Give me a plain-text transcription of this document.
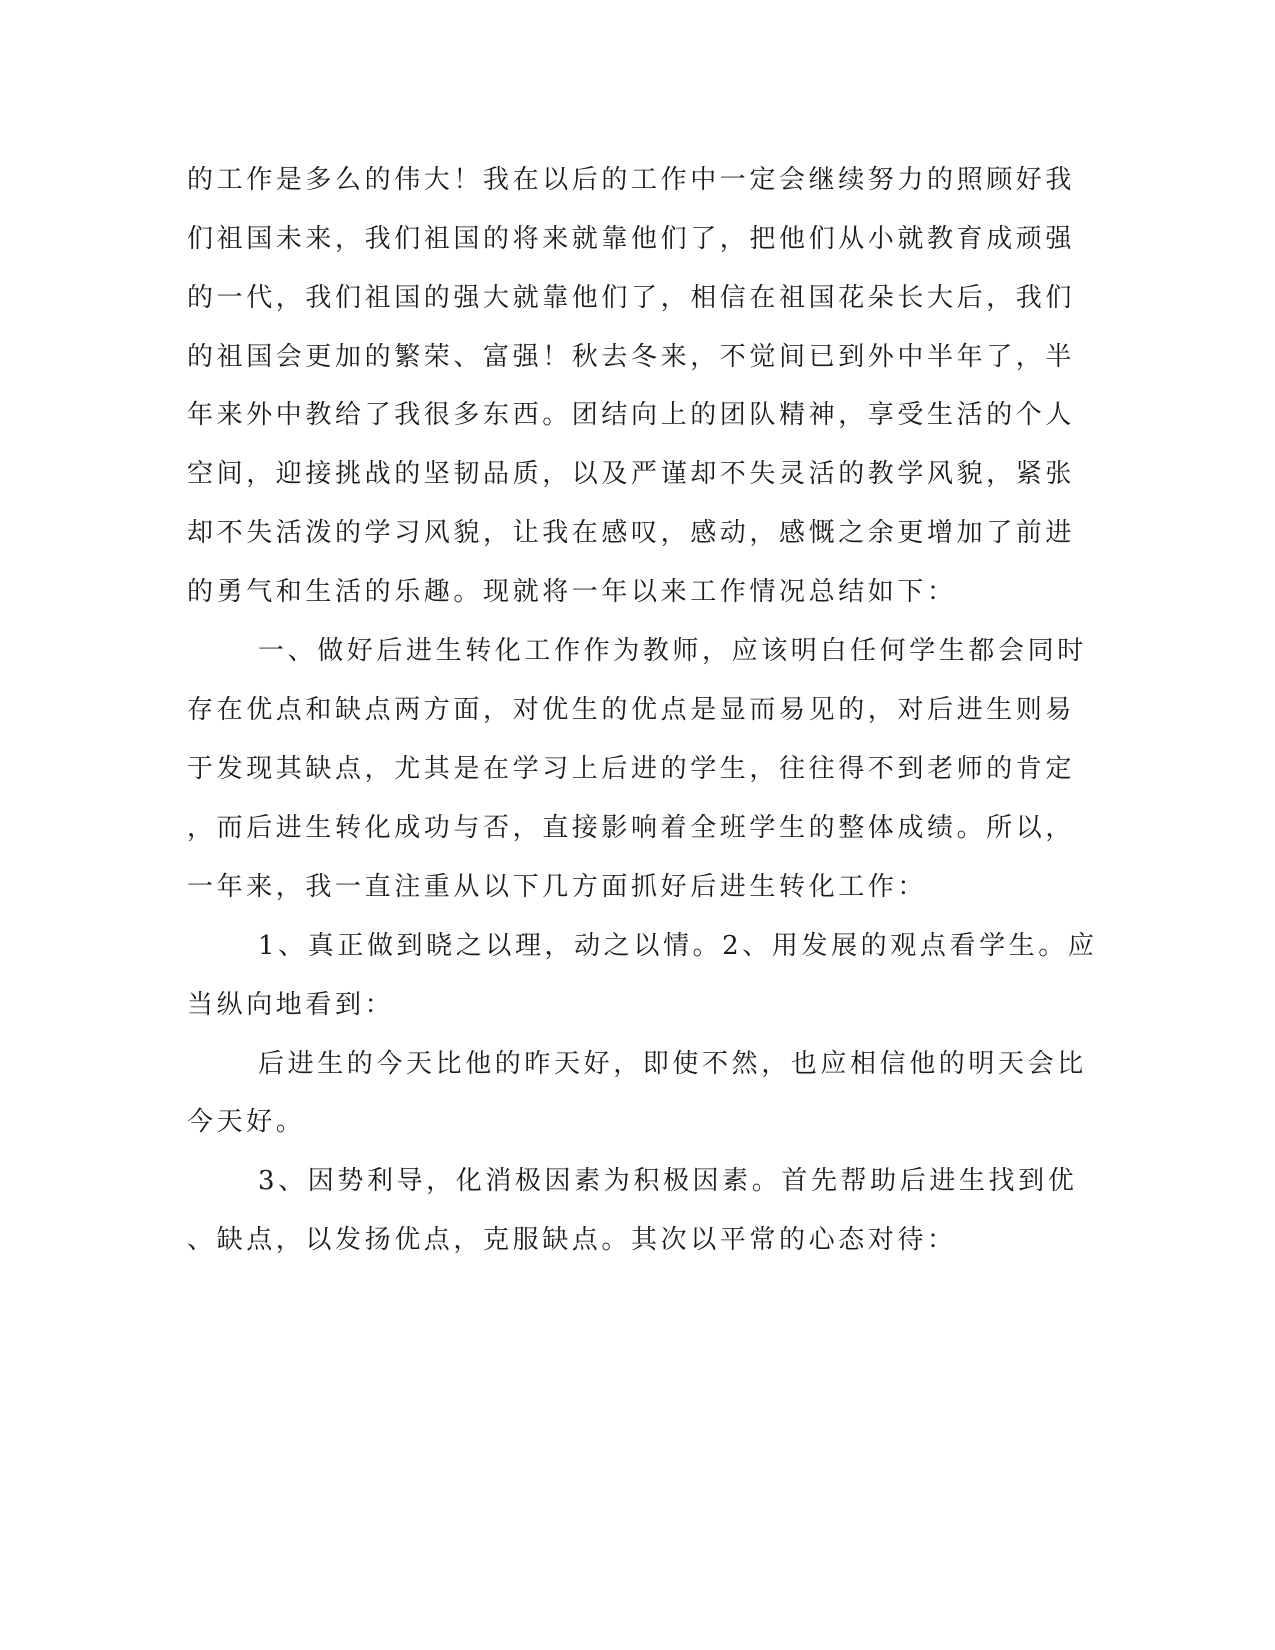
的工作是多么的伟大！我在以后的工作中一定会继续努力的照顾好我
们祖国未来，我们祖国的将来就靠他们了，把他们从小就教育成顽强
的一代，我们祖国的强大就靠他们了，相信在祖国花朵长大后，我们
的祖国会更加的繁荣、富强！秋去冬来，不觉间已到外中半年了，半
年来外中教给了我很多东西。团结向上的团队精神，享受生活的个人
空间，迎接挑战的坚韧品质，以及严谨却不失灵活的教学风貌，紧张
却不失活泼的学习风貌，让我在感叹，感动，感慨之余更增加了前进
的勇气和生活的乐趣。现就将一年以来工作情况总结如下：
一、做好后进生转化工作作为教师，应该明白任何学生都会同时
存在优点和缺点两方面，对优生的优点是显而易见的，对后进生则易
于发现其缺点，尤其是在学习上后进的学生，往往得不到老师的肯定
，而后进生转化成功与否，直接影响着全班学生的整体成绩。所以，
一年来，我一直注重从以下几方面抓好后进生转化工作：
1、真正做到晓之以理，动之以情。2、用发展的观点看学生。应
当纵向地看到：
后进生的今天比他的昨天好，即使不然，也应相信他的明天会比
今天好。
3、因势利导，化消极因素为积极因素。首先帮助后进生找到优
、缺点，以发扬优点，克服缺点。其次以平常的心态对待：
